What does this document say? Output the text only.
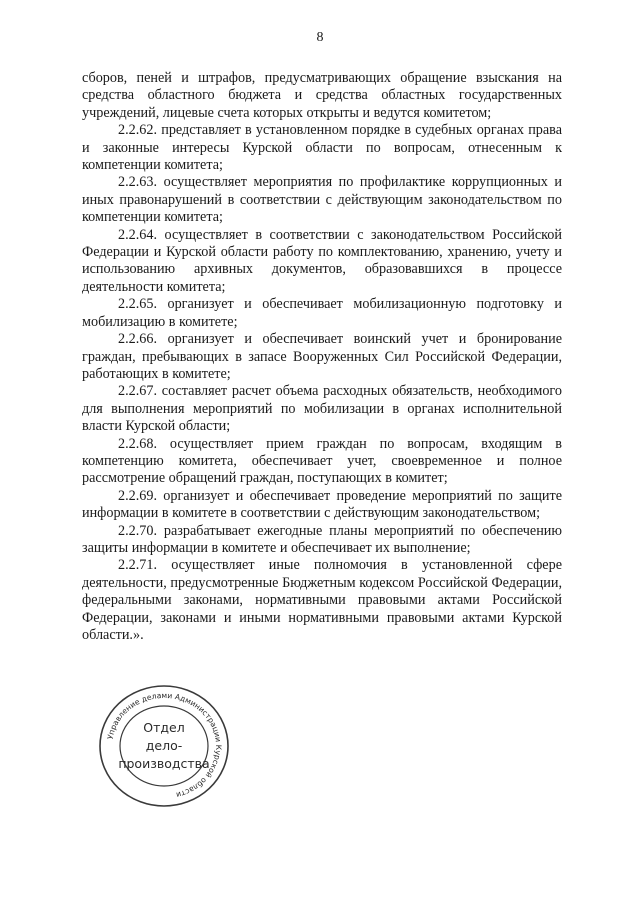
8

сборов, пеней и штрафов, предусматривающих обращение взыскания на средства областного бюджета и средства областных государственных учреждений, лицевые счета которых открыты и ведутся комитетом;

2.2.62. представляет в установленном порядке в судебных органах права и законные интересы Курской области по вопросам, отнесенным к компетенции комитета;

2.2.63. осуществляет мероприятия по профилактике коррупционных и иных правонарушений в соответствии с действующим законодательством по компетенции комитета;

2.2.64. осуществляет в соответствии с законодательством Российской Федерации и Курской области работу по комплектованию, хранению, учету и использованию архивных документов, образовавшихся в процессе деятельности комитета;

2.2.65. организует и обеспечивает мобилизационную подготовку и мобилизацию в комитете;

2.2.66. организует и обеспечивает воинский учет и бронирование граждан, пребывающих в запасе Вооруженных Сил Российской Федерации, работающих в комитете;

2.2.67. составляет расчет объема расходных обязательств, необходимого для выполнения мероприятий по мобилизации в органах исполнительной власти Курской области;

2.2.68. осуществляет прием граждан по вопросам, входящим в компетенцию комитета, обеспечивает учет, своевременное и полное рассмотрение обращений граждан, поступающих в комитет;

2.2.69. организует и обеспечивает проведение мероприятий по защите информации в комитете в соответствии с действующим законодательством;

2.2.70. разрабатывает ежегодные планы мероприятий по обеспечению защиты информации в комитете и обеспечивает их выполнение;

2.2.71. осуществляет иные полномочия в установленной сфере деятельности, предусмотренные Бюджетным кодексом Российской Федерации, федеральными законами, нормативными правовыми актами Российской Федерации, законами и иными нормативными правовыми актами Курской области.».

Управление делами Администрации Курской области
Отдел
дело-
производства
